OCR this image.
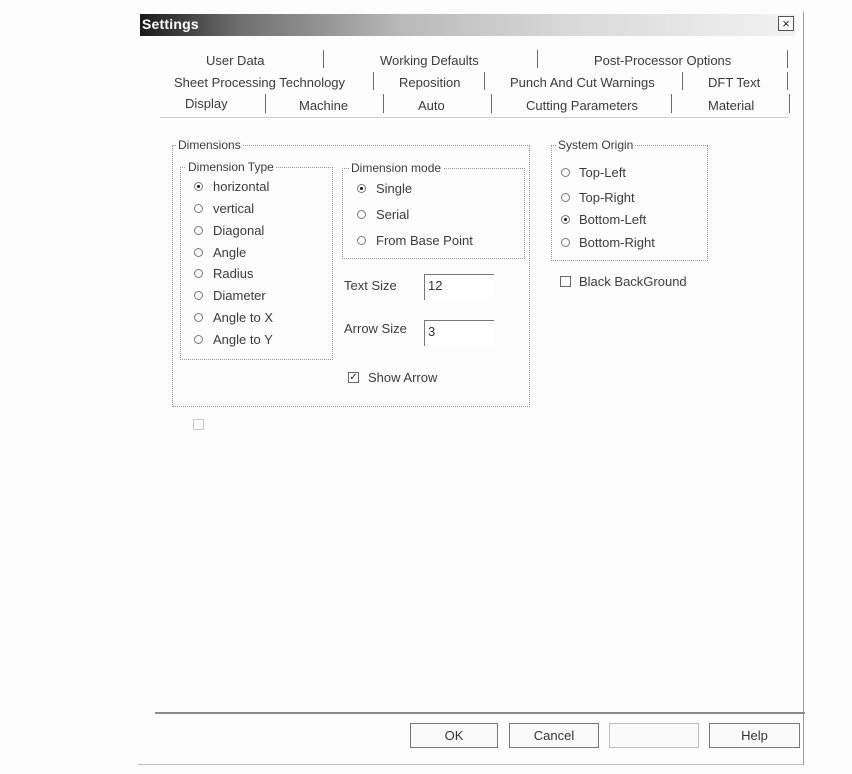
Settings	×
User Data	Working Defaults	Post-Processor Options
Sheet Processing Technology	Reposition	Punch And Cut Warnings	DFT Text
Display	Machine	Auto	Cutting Parameters	Material
Dimensions
Dimension Type
horizontal
vertical
Diagonal
Angle
Radius
Diameter
Angle to X
Angle to Y
Dimension mode
Single
Serial
From Base Point
Text Size	12
Arrow Size	3
✓ Show Arrow
System Origin
Top-Left
Top-Right
Bottom-Left
Bottom-Right
Black BackGround
OK	Cancel	Help
